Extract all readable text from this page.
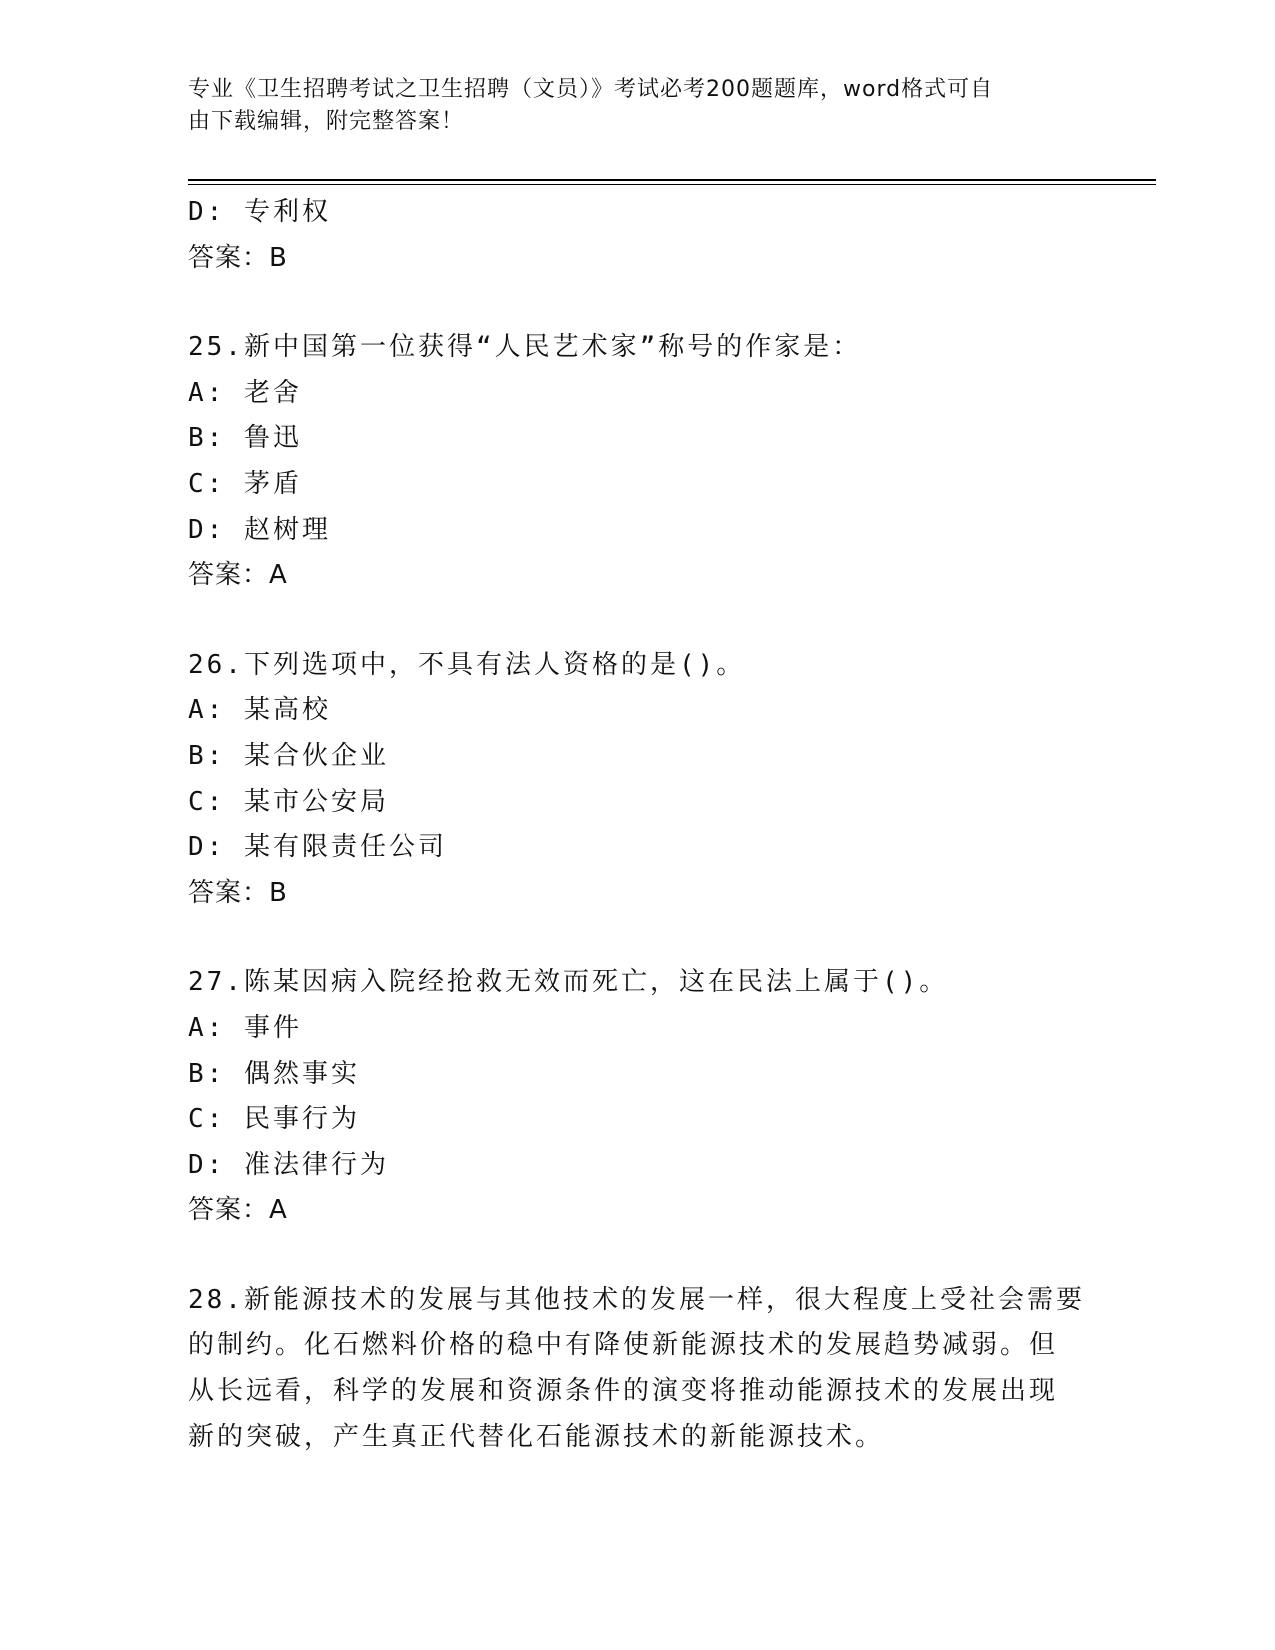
专业《卫生招聘考试之卫生招聘（文员）》考试必考200题题库，word格式可自
由下载编辑，附完整答案！

D: 专利权

答案：B

25.新中国第一位获得“人民艺术家”称号的作家是：

A: 老舍

B: 鲁迅

C: 茅盾

D: 赵树理

答案：A

26.下列选项中，不具有法人资格的是()。

A: 某高校

B: 某合伙企业

C: 某市公安局

D: 某有限责任公司

答案：B

27.陈某因病入院经抢救无效而死亡，这在民法上属于()。

A: 事件

B: 偶然事实

C: 民事行为

D: 准法律行为

答案：A

28.新能源技术的发展与其他技术的发展一样，很大程度上受社会需要

的制约。化石燃料价格的稳中有降使新能源技术的发展趋势减弱。但

从长远看，科学的发展和资源条件的演变将推动能源技术的发展出现

新的突破，产生真正代替化石能源技术的新能源技术。
